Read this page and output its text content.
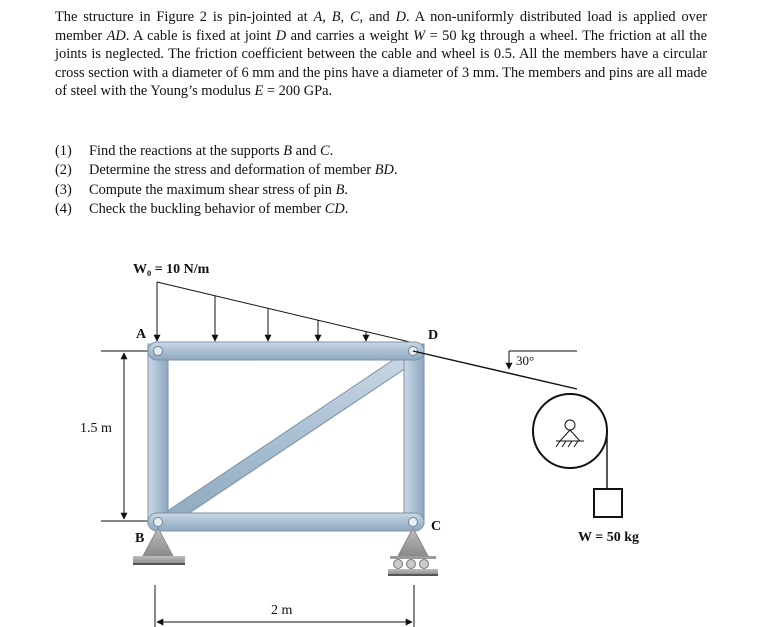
The structure in Figure 2 is pin-jointed at A, B, C, and D. A non-uniformly distributed load is applied over member AD. A cable is fixed at joint D and carries a weight W = 50 kg through a wheel. The friction at all the joints is neglected. The friction coefficient between the cable and wheel is 0.5. All the members have a circular cross section with a diameter of 6 mm and the pins have a diameter of 3 mm. The members and pins are all made of steel with the Young’s modulus E = 200 GPa.

(1) Find the reactions at the supports B and C.
(2) Determine the stress and deformation of member BD.
(3) Compute the maximum shear stress of pin B.
(4) Check the buckling behavior of member CD.
W₀ = 10 N/m
1.5 m
2 m
A
B
C
D
30°
W = 50 kg
